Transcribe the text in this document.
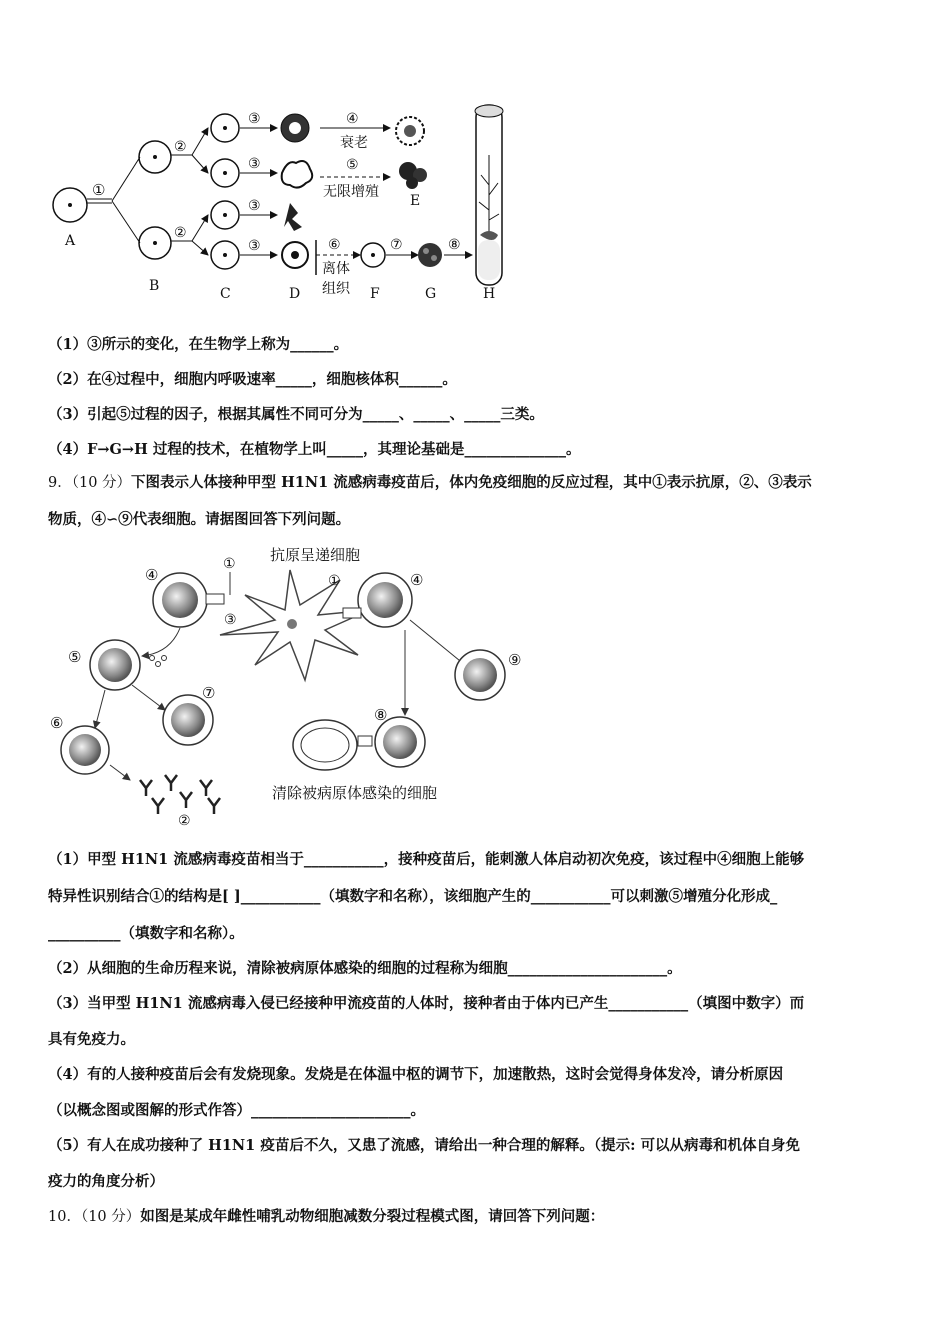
A
①
B
②
②
C
③
③
③
③
D
④
衰老
⑤
无限增殖
E
⑥
离体
组织 F
⑦
G
⑧
H
（1）③所示的变化，在生物学上称为______。
（2）在④过程中，细胞内呼吸速率_____，细胞核体积______。
（3）引起⑤过程的因子，根据其属性不同可分为_____、_____、_____三类。
（4）F→G→H 过程的技术，在植物学上叫_____，其理论基础是______________。
9．（10 分）下图表示人体接种甲型 H1N1 流感病毒疫苗后，体内免疫细胞的反应过程，其中①表示抗原，②、③表示
物质，④∽⑨代表细胞。请据图回答下列问题。
抗原呈递细胞
④
①
③
④
①
⑤
⑥
②
⑦
⑨
⑧
清除被病原体感染的细胞
（1）甲型 H1N1 流感病毒疫苗相当于___________，接种疫苗后，能刺激人体启动初次免疫，该过程中④细胞上能够
特异性识别结合①的结构是[ ]___________（填数字和名称），该细胞产生的___________可以刺激⑤增殖分化形成_
__________（填数字和名称）。
（2）从细胞的生命历程来说，清除被病原体感染的细胞的过程称为细胞______________________。
（3）当甲型 H1N1 流感病毒入侵已经接种甲流疫苗的人体时，接种者由于体内已产生___________（填图中数字）而
具有免疫力。
（4）有的人接种疫苗后会有发烧现象。发烧是在体温中枢的调节下，加速散热，这时会觉得身体发冷，请分析原因
（以概念图或图解的形式作答）______________________。
（5）有人在成功接种了 H1N1 疫苗后不久，又患了流感，请给出一种合理的解释。（提示: 可以从病毒和机体自身免
疫力的角度分析）
10．（10 分）如图是某成年雌性哺乳动物细胞减数分裂过程模式图，请回答下列问题：
